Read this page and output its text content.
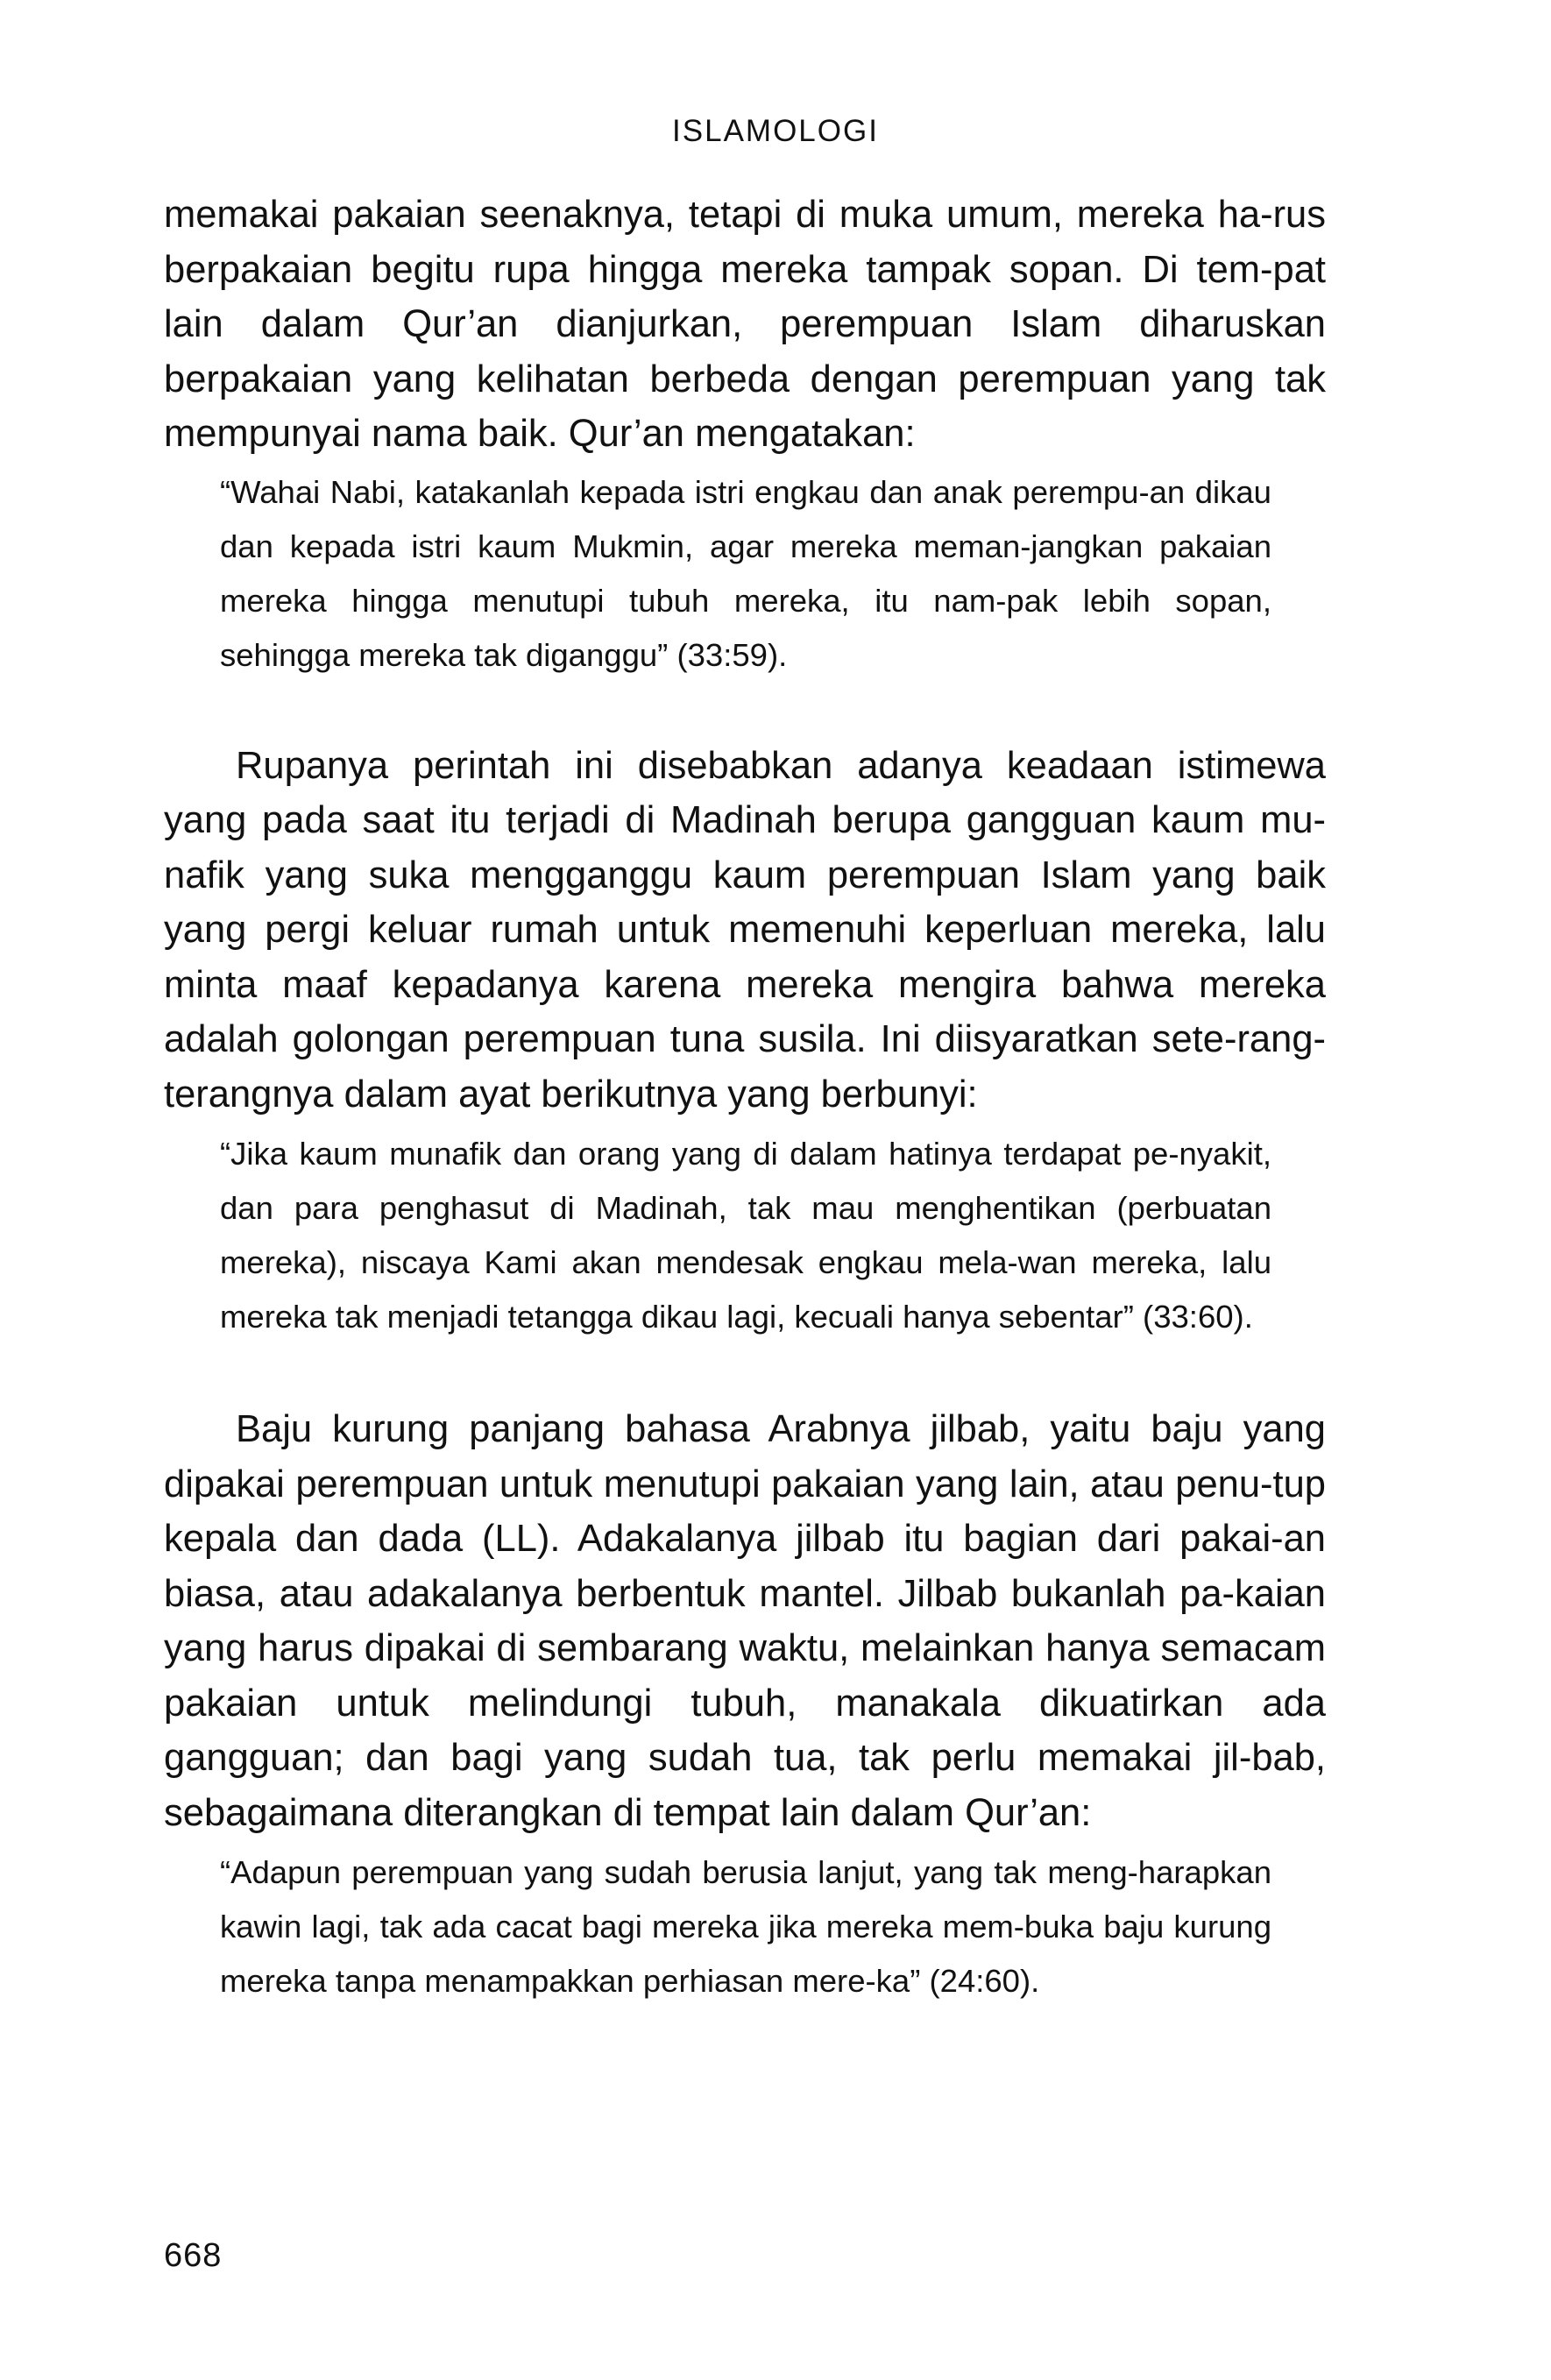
ISLAMOLOGI

memakai pakaian seenaknya, tetapi di muka umum, mereka ha-rus berpakaian begitu rupa hingga mereka tampak sopan. Di tem-pat lain dalam Qur’an dianjurkan, perempuan Islam diharuskan berpakaian yang kelihatan berbeda dengan perempuan yang tak mempunyai nama baik. Qur’an mengatakan:

“Wahai Nabi, katakanlah kepada istri engkau dan anak perempu-an dikau dan kepada istri kaum Mukmin, agar mereka meman-jangkan pakaian mereka hingga menutupi tubuh mereka, itu nam-pak lebih sopan, sehingga mereka tak diganggu” (33:59).

Rupanya perintah ini disebabkan adanya keadaan istimewa yang pada saat itu terjadi di Madinah berupa gangguan kaum mu-nafik yang suka mengganggu kaum perempuan Islam yang baik yang pergi keluar rumah untuk memenuhi keperluan mereka, lalu minta maaf kepadanya karena mereka mengira bahwa mereka adalah golongan perempuan tuna susila. Ini diisyaratkan sete-rang-terangnya dalam ayat berikutnya yang berbunyi:

“Jika kaum munafik dan orang yang di dalam hatinya terdapat pe-nyakit, dan para penghasut di Madinah, tak mau menghentikan (perbuatan mereka), niscaya Kami akan mendesak engkau mela-wan mereka, lalu mereka tak menjadi tetangga dikau lagi, kecuali hanya sebentar” (33:60).

Baju kurung panjang bahasa Arabnya jilbab, yaitu baju yang dipakai perempuan untuk menutupi pakaian yang lain, atau penu-tup kepala dan dada (LL). Adakalanya jilbab itu bagian dari pakai-an biasa, atau adakalanya berbentuk mantel. Jilbab bukanlah pa-kaian yang harus dipakai di sembarang waktu, melainkan hanya semacam pakaian untuk melindungi tubuh, manakala dikuatirkan ada gangguan; dan bagi yang sudah tua, tak perlu memakai jil-bab, sebagaimana diterangkan di tempat lain dalam Qur’an:

“Adapun perempuan yang sudah berusia lanjut, yang tak meng-harapkan kawin lagi, tak ada cacat bagi mereka jika mereka mem-buka baju kurung mereka tanpa menampakkan perhiasan mere-ka” (24:60).

668
